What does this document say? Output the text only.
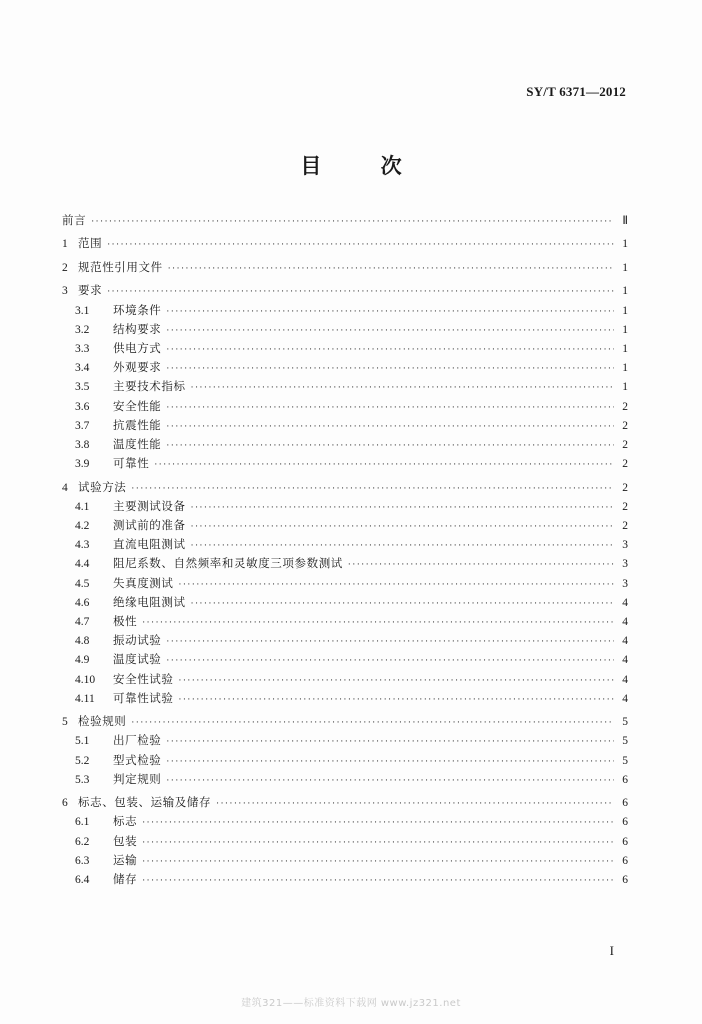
SY/T 6371—2012
目 次
前言 ·····	Ⅱ
1 范围 ·····	1
2 规范性引用文件 ·····	1
3 要求 ·····	1
3.1	环境条件 ·····	1
3.2	结构要求 ·····	1
3.3	供电方式 ·····	1
3.4	外观要求 ·····	1
3.5	主要技术指标 ·····	1
3.6	安全性能 ·····	2
3.7	抗震性能 ·····	2
3.8	温度性能 ·····	2
3.9	可靠性 ·····	2
4 试验方法 ·····	2
4.1	主要测试设备 ·····	2
4.2	测试前的准备 ·····	2
4.3	直流电阻测试 ·····	3
4.4	阻尼系数、自然频率和灵敏度三项参数测试 ·····	3
4.5	失真度测试 ·····	3
4.6	绝缘电阻测试 ·····	4
4.7	极性 ·····	4
4.8	振动试验 ·····	4
4.9	温度试验 ·····	4
4.10	安全性试验 ·····	4
4.11	可靠性试验 ·····	4
5 检验规则 ·····	5
5.1	出厂检验 ·····	5
5.2	型式检验 ·····	5
5.3	判定规则 ·····	6
6 标志、包装、运输及储存 ·····	6
6.1	标志 ·····	6
6.2	包装 ·····	6
6.3	运输 ·····	6
6.4	储存 ·····	6
I
建筑321——标准资料下载网 www.jz321.net
